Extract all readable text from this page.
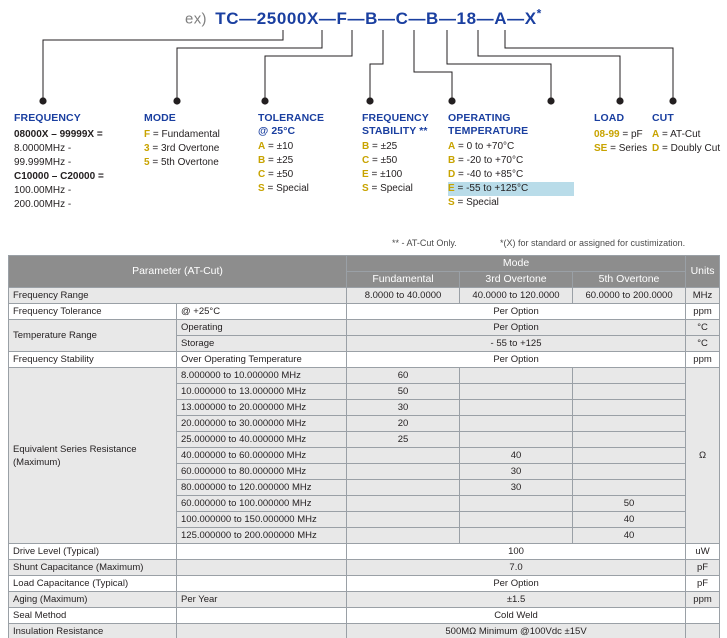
ex) TC—25000X—F—B—C—B—18—A—X*
FREQUENCY
08000X – 99999X =
8.0000MHz -
99.999MHz -
C10000 – C20000 =
100.00MHz -
200.00MHz -
MODE
F = Fundamental
3 = 3rd Overtone
5 = 5th Overtone
TOLERANCE
@ 25°C
A = ±10
B = ±25
C = ±50
S = Special
FREQUENCY
STABILITY **
B = ±25
C = ±50
E = ±100
S = Special
OPERATING
TEMPERATURE
A = 0 to +70°C
B = -20 to +70°C
D = -40 to +85°C
E = -55 to +125°C
S = Special
LOAD
08-99 = pF
SE = Series
CUT
A = AT-Cut
D = Doubly Cut
** - AT-Cut Only.	*(X) for standard or assigned for custimization.
Parameter (AT-Cut)		Mode			Units
		Fundamental	3rd Overtone	5th Overtone	
Frequency Range		8.0000 to 40.0000	40.0000 to 120.0000	60.0000 to 200.0000	MHz
Frequency Tolerance	@ +25°C	Per Option			ppm
Temperature Range	Operating	Per Option			°C
	Storage	- 55 to +125			°C
Frequency Stability	Over Operating Temperature	Per Option			ppm
Equivalent Series Resistance (Maximum)	8.000000 to 10.000000 MHz	60			Ω
	10.000000 to 13.000000 MHz	50			
	13.000000 to 20.000000 MHz	30			
	20.000000 to 30.000000 MHz	20			
	25.000000 to 40.000000 MHz	25			
	40.000000 to 60.000000 MHz		40		
	60.000000 to 80.000000 MHz		30		
	80.000000 to 120.000000 MHz		30		
	60.000000 to 100.000000 MHz			50	
	100.000000 to 150.000000 MHz			40	
	125.000000 to 200.000000 MHz			40	
Drive Level (Typical)		100			uW
Shunt Capacitance (Maximum)		7.0			pF
Load Capacitance (Typical)		Per Option			pF
Aging (Maximum)	Per Year	±1.5			ppm
Seal Method		Cold Weld			
Insulation Resistance		500MΩ Minimum @100Vdc ±15V			
